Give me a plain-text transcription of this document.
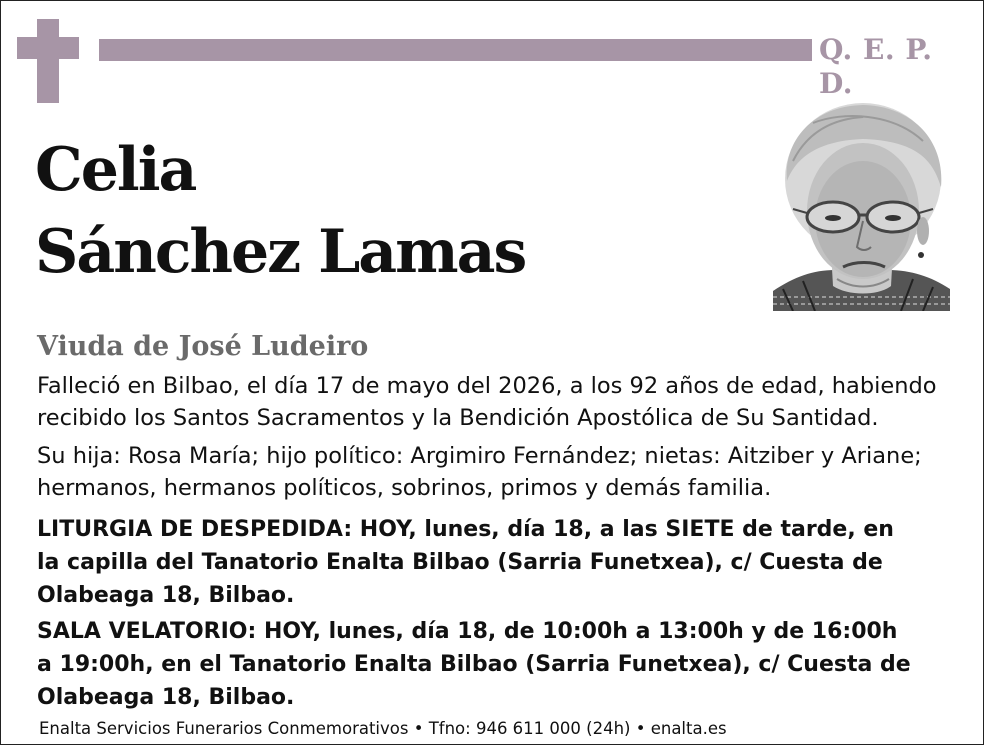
Q. E. P. D.
Celia
Sánchez Lamas
Viuda de José Ludeiro

Falleció en Bilbao, el día 17 de mayo del 2026, a los 92 años de edad, habiendo recibido los Santos Sacramentos y la Bendición Apostólica de Su Santidad.

Su hija: Rosa María; hijo político: Argimiro Fernández; nietas: Aitziber y Ariane; hermanos, hermanos políticos, sobrinos, primos y demás familia.

LITURGIA DE DESPEDIDA: HOY, lunes, día 18, a las SIETE de tarde, en
la capilla del Tanatorio Enalta Bilbao (Sarria Funetxea), c/ Cuesta de
Olabeaga 18, Bilbao.
SALA VELATORIO: HOY, lunes, día 18, de 10:00h a 13:00h y de 16:00h
a 19:00h, en el Tanatorio Enalta Bilbao (Sarria Funetxea), c/ Cuesta de
Olabeaga 18, Bilbao.
Enalta Servicios Funerarios Conmemorativos • Tfno: 946 611 000 (24h) • enalta.es
